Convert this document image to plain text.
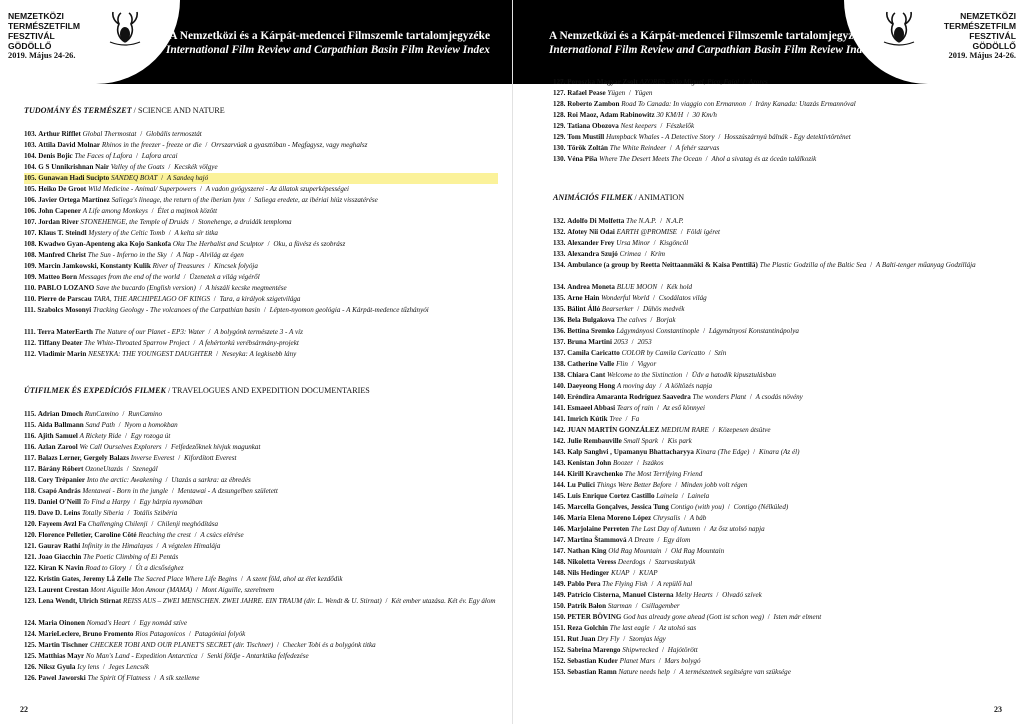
NEMZETKÖZI
TERMÉSZETFILM
FESZTIVÁL
GÖDÖLLŐ
2019. Május 24-26.
A Nemzetközi és a Kárpát-medencei Filmszemle tartalomjegyzéke
International Film Review and Carpathian Basin Film Review Index
TUDOMÁNY ÉS TERMÉSZET / SCIENCE AND NATURE
103. Arthur Rifflet Global Thermostat / Globális termosztát
103. Attila David Molnar Rhinos in the freezer - freeze or die / Orrszarvúak a gyasztóban - Megfagysz, vagy meghalsz
104. Denis Bojic The Faces of Lafora / Lafora arcai
104. G S Unnikrishnan Nair Valley of the Goats / Kecskék völgye
105. Gunawan Hadi Sucipto SANDEQ BOAT / A Sandeq hajó
105. Heiko De Groot Wild Medicine - Animal/ Superpowers / A vadon gyógyszerei - Az állatok szuperképességei
106. Javier Ortega Martínez Saliega's lineage, the return of the iberian lynx / Saliega eredete, az ibériai hiúz visszatérése
106. John Capener A Life among Monkeys / Élet a majmok között
107. Jordan River STONEHENGE, the Temple of Druids / Stonehenge, a druidák temploma
107. Klaus T. Steindl Mystery of the Celtic Tomb / A kelta sír titka
108. Kwadwo Gyan-Apenteng aka Kojo Sankofa Oku The Herbalist and Sculptor / Oku, a füvész és szobrász
108. Manfred Christ The Sun - Inferno in the Sky / A Nap - Alvilág az égen
109. Marcin Jamkowski, Konstanty Kulik River of Treasures / Kincsek folyója
109. Matteo Born Messages from the end of the world / Üzenetek a világ végéről
110. PABLO LOZANO Save the bucardo (English version) / A hiszáli kecske megmentése
110. Pierre de Parscau TARA, THE ARCHIPELAGO OF KINGS / Tara, a királyok szigetvilága
111. Szabolcs Mosonyi Tracking Geology - The volcanoes of the Carpathian basin / Lépten-nyomon geológia - A Kárpát-medence tűzhányói
111. Terra MaterEarth The Nature of our Planet - EP3: Water / A bolygónk természete 3 - A víz
112. Tiffany Deater The White-Throated Sparrow Project / A fehértorkú verébsármány-projekt
112. Vladimir Marin NESEYKA: THE YOUNGEST DAUGHTER / Neseyka: A legkisebb lány
ÚTIFILMEK ÉS EXPEDÍCIÓS FILMEK / TRAVELOGUES AND EXPEDITION DOCUMENTARIES
115. Adrian Dmoch RunCamino / RunCamino
115. Aida Ballmann Sand Path / Nyom a homokban
116. Ajith Samuel A Rickety Ride / Egy rozoga út
116. Azlan Zarool We Call Ourselves Explorers / Felfedezőknek hívjuk magunkat
117. Balazs Lerner, Gergely Balazs Inverse Everest / Kifordított Everest
117. Bárány Róbert OzoneUtazás / Szenegál
118. Cory Trépanier Into the arctic: Awakening / Utazás a sarkra: az ébredés
118. Csapó András Mentawai - Born in the jungle / Mentawai - A dzsungelben született
119. Daniel O'Neill To Find a Harpy / Egy hárpia nyomában
119. Dave D. Leins Totally Siberia / Totális Szibéria
120. Fayeem Avzl Fa Challenging Chilenji / Chilenji meghódítása
120. Florence Pelletier, Caroline Côté Reaching the crest / A csúcs elérése
121. Gaurav Rathi Infinity in the Himalayas / A végtelen Himalája
121. Joao Giacchin The Poetic Climbing of Ei Pentás
122. Kiran K Navin Road to Glory / Út a dicsőséghez
122. Kristin Gates, Jeremy Lå Zelle The Sacred Place Where Life Begins / A szent föld, ahol az élet kezdődik
123. Laurent Crestan Mont Aiguille Mon Amour (MAMA) / Mont Aiguille, szerelmem
123. Lena Wendt, Ulrich Stirnat REISS AUS – ZWEI MENSCHEN. ZWEI JAHRE. EIN TRAUM (dir. L. Wendt & U. Stirnat) / Két ember utazása. Két év. Egy álom
124. Maria Oinonen Nomad's Heart / Egy nomád szíve
124. MarieLeclere, Bruno Fromento Rios Patagonicos / Patagóniai folyók
125. Martin Tischner CHECKER TOBI AND OUR PLANET'S SECRET (dir. Tischner) / Checker Tobi és a bolygónk titka
125. Matthias Mayr No Man's Land - Expedition Antarctica / Senki földje - Antarktika felfedezése
126. Niksz Gyula Icy lens / Jeges Lencsék
126. Pawel Jaworski The Spirit Of Flatness / A sík szelleme
22
NEMZETKÖZI
TERMÉSZETFILM
FESZTIVÁL
GÖDÖLLŐ
2019. Május 24-26.
A Nemzetközi és a Kárpát-medencei Filmszemle tartalomjegyzéke
International Film Review and Carpathian Basin Film Review Index
127. Poroszka Magyar Zsolt AZORES - São Miguel, Pico, Faial / Azores
127. Rafael Pease Yügen / Yügen
128. Roberto Zambon Road To Canada: In viaggio con Ermannon / Irány Kanada: Utazás Ermannóval
128. Roi Maoz, Adam Rabinowitz 30 KM/H / 30 Km/h
129. Tatiana Obozova Nest keepers / Fészkelők
129. Tom Mustill Humpback Whales - A Detective Story / Hosszúszárnyú bálnák - Egy detektívtörténet
130. Török Zoltán The White Reindeer / A fehér szarvas
130. Véna Piša Where The Desert Meets The Ocean / Ahol a sivatag és az óceán találkozik
ANIMÁCIÓS FILMEK / ANIMATION
132. Adolfo Di Molfetta The N.A.P. / N.A.P.
132. Afotey Nii Odai EARTH @PROMISE / Földi ígéret
133. Alexander Frey Ursa Minor / Kisgöncöl
133. Alexandra Szujó Crimea / Krím
134. Ambulance (a group by Reetta Neittaanmäki & Kaisa Penttilä) The Plastic Godzilla of the Baltic Sea / A Balti-tenger műanyag Godzillája
134. Andrea Moneta BLUE MOON / Kék hold
135. Arne Hain Wonderful World / Csodálatos világ
135. Bálint Álló Bearserker / Dühös medvék
136. Bela Bulgakova The calves / Borjak
136. Bettina Sremko Lágymányosi Constantinople / Lágymányosi Konstantinápolya
137. Bruna Martini 2053 / 2053
137. Camila Caricatto COLOR by Camila Caricatto / Szín
138. Catherine Valle Flin / Vigyor
138. Chiara Cant Welcome to the Sixtinction / Üdv a hatodik kipusztulásban
140. Daeyeong Hong A moving day / A költözés napja
140. Eréndira Amaranta Rodríguez Saavedra The wonders Plant / A csodás növény
141. Esmaeel Abbasi Tears of rain / Az eső könnyei
141. Imrich Kútik Tree / Fa
142. JUAN MARTÍN GONZÁLEZ MEDIUM RARE / Közepesen átsütve
142. Julie Rembauville Small Spark / Kis park
143. Kalp Sanghvi , Upamanyu Bhattacharyya Kinara (The Edge) / Kinara (Az él)
143. Kenistan John Boozer / Iszákos
144. Kirill Kravchenko The Most Terrifying Friend
144. Lu Pulici Things Were Better Before / Minden jobb volt régen
145. Luis Enrique Cortez Castillo Lainela / Lainela
145. Marcella Gonçalves, Jessica Tung Contigo (with you) / Contigo (Nélküled)
146. María Elena Moreno López Chrysalis / A báb
146. Marjolaine Perreten The Last Day of Autumn / Az ősz utolsó napja
147. Martina Štammová A Dream / Egy álom
147. Nathan King Old Rag Mountain / Old Rag Mountain
148. Nikoletta Veress Deerdogs / Szarvaskutyák
148. Nils Hedinger KUAP / KUAP
149. Pablo Pera The Flying Fish / A repülő hal
149. Patricio Cisterna, Manuel Cisterna Melty Hearts / Olvadó szívek
150. Patrik Bałon Starman / Csillagember
150. PETER BÖVING God has already gone ahead (Gott ist schon weg) / Isten már elment
151. Reza Golchin The last eagle / Az utolsó sas
151. Rut Juan Dry Fly / Szomjas légy
152. Sabrina Marengo Shipwrecked / Hajótörött
152. Sebastian Kuder Planet Mars / Mars bolygó
153. Sebastian Ramn Nature needs help / A természetnek segítségre van szüksége
23
